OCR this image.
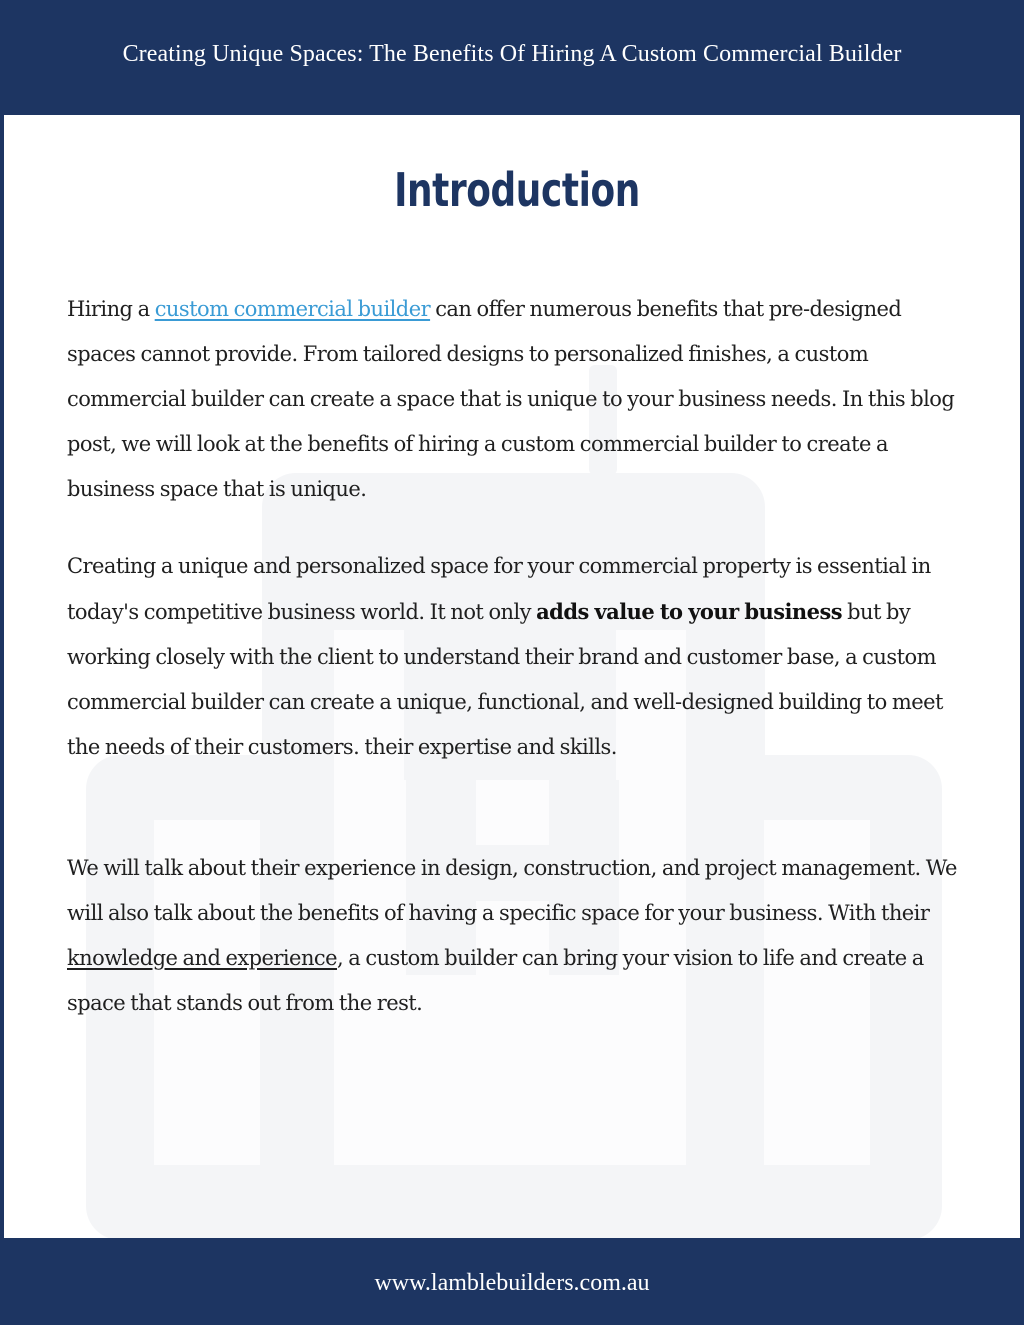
Creating Unique Spaces: The Benefits Of Hiring A Custom Commercial Builder
Introduction

Hiring a custom commercial builder can offer numerous benefits that pre-designed spaces cannot provide. From tailored designs to personalized finishes, a custom commercial builder can create a space that is unique to your business needs. In this blog post, we will look at the benefits of hiring a custom commercial builder to create a business space that is unique.

Creating a unique and personalized space for your commercial property is essential in today's competitive business world. It not only adds value to your business but by working closely with the client to understand their brand and customer base, a custom commercial builder can create a unique, functional, and well-designed building to meet the needs of their customers. their expertise and skills.

We will talk about their experience in design, construction, and project management. We will also talk about the benefits of having a specific space for your business. With their knowledge and experience, a custom builder can bring your vision to life and create a space that stands out from the rest.

www.lamblebuilders.com.au
